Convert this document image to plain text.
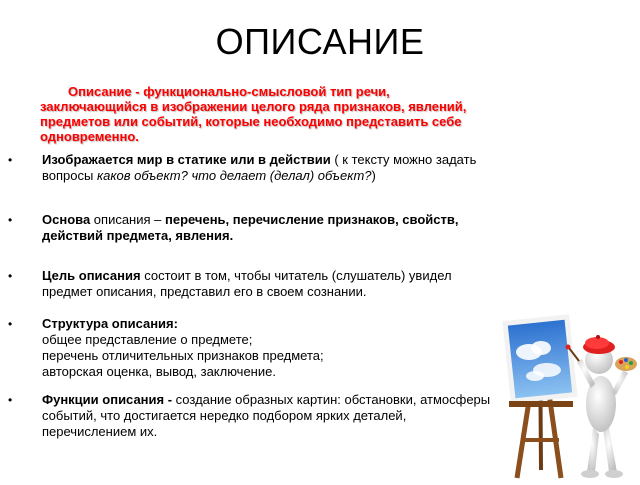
ОПИСАНИЕ
Описание - функционально-смысловой тип речи, заключающийся в изображении целого ряда признаков, явлений, предметов или событий, которые необходимо представить себе одновременно.
• Изображается мир в статике или в действии ( к тексту можно задать вопросы каков объект? что делает (делал) объект?)
• Основа описания – перечень, перечисление признаков, свойств, действий предмета, явления.
• Цель описания состоит в том, чтобы читатель (слушатель) увидел предмет описания, представил его в своем сознании.
• Структура описания:
общее представление о предмете;
перечень отличительных признаков предмета;
авторская оценка, вывод, заключение.
• Функции описания - создание образных картин: обстановки, атмосферы событий, что достигается нередко подбором ярких деталей, перечислением их.
